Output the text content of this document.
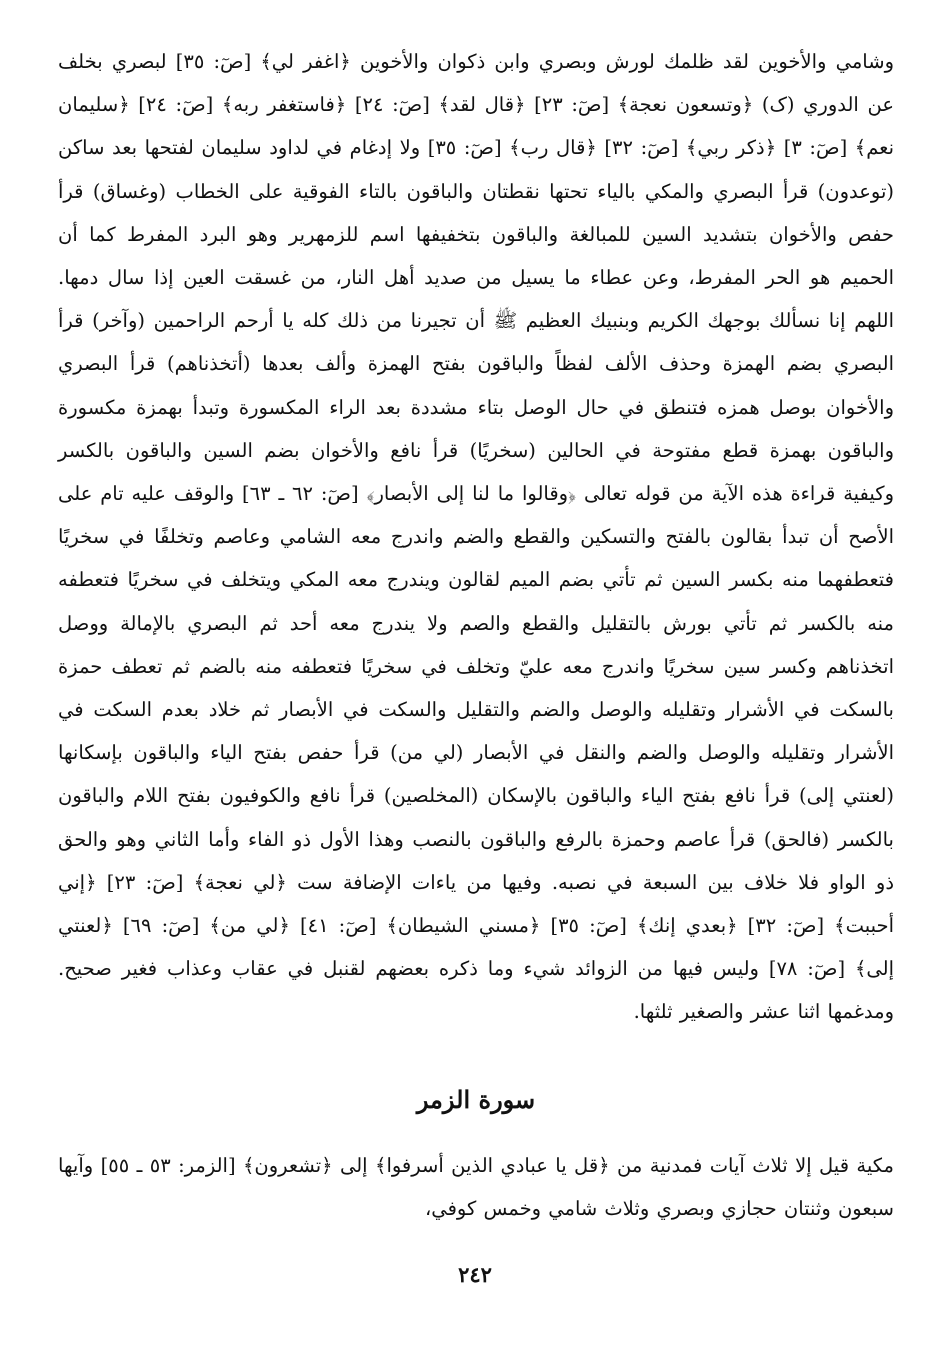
وشامي والأخوين لقد ظلمك لورش وبصري وابن ذكوان والأخوين ﴿اغفر لي﴾ [صٓ: ٣٥] لبصري بخلف عن الدوري (ک) ﴿وتسعون نعجة﴾ [صٓ: ٢٣] ﴿قال لقد﴾ [صٓ: ٢٤] ﴿فاستغفر ربه﴾ [صٓ: ٢٤] ﴿سليمان نعم﴾ [صٓ: ٣] ﴿ذكر ربي﴾ [صٓ: ٣٢] ﴿قال رب﴾ [صٓ: ٣٥] ولا إدغام في لداود سليمان لفتحها بعد ساكن (توعدون) قرأ البصري والمكي بالياء تحتها نقطتان والباقون بالتاء الفوقية على الخطاب (وغساق) قرأ حفص والأخوان بتشديد السين للمبالغة والباقون بتخفيفها اسم للزمهرير وهو البرد المفرط كما أن الحميم هو الحر المفرط، وعن عطاء ما يسيل من صديد أهل النار، من غسقت العين إذا سال دمها. اللهم إنا نسألك بوجهك الكريم وبنبيك العظيم ﷺ أن تجيرنا من ذلك كله يا أرحم الراحمين (وآخر) قرأ البصري بضم الهمزة وحذف الألف لفظاً والباقون بفتح الهمزة وألف بعدها (أتخذناهم) قرأ البصري والأخوان بوصل همزه فتنطق في حال الوصل بتاء مشددة بعد الراء المكسورة وتبدأ بهمزة مكسورة والباقون بهمزة قطع مفتوحة في الحالين (سخريًا) قرأ نافع والأخوان بضم السين والباقون بالكسر وكيفية قراءة هذه الآية من قوله تعالى ﴿وقالوا ما لنا إلى الأبصار﴾ [صٓ: ٦٢ ـ ٦٣] والوقف عليه تام على الأصح أن تبدأ بقالون بالفتح والتسكين والقطع والضم واندرج معه الشامي وعاصم وتخلفًا في سخريًا فتعطفهما منه بكسر السين ثم تأتي بضم الميم لقالون ويندرج معه المكي ويتخلف في سخريًا فتعطفه منه بالكسر ثم تأتي بورش بالتقليل والقطع والصم ولا يندرج معه أحد ثم البصري بالإمالة ووصل اتخذناهم وكسر سين سخريًا واندرج معه عليّ وتخلف في سخريًا فتعطفه منه بالضم ثم تعطف حمزة بالسكت في الأشرار وتقليله والوصل والضم والتقليل والسكت في الأبصار ثم خلاد بعدم السكت في الأشرار وتقليله والوصل والضم والنقل في الأبصار (لي من) قرأ حفص بفتح الياء والباقون بإسكانها (لعنتي إلى) قرأ نافع بفتح الياء والباقون بالإسكان (المخلصين) قرأ نافع والكوفيون بفتح اللام والباقون بالكسر (فالحق) قرأ عاصم وحمزة بالرفع والباقون بالنصب وهذا الأول ذو الفاء وأما الثاني وهو والحق ذو الواو فلا خلاف بين السبعة في نصبه. وفيها من ياءات الإضافة ست ﴿لي نعجة﴾ [صٓ: ٢٣] ﴿إني أحببت﴾ [صٓ: ٣٢] ﴿بعدي إنك﴾ [صٓ: ٣٥] ﴿مسني الشيطان﴾ [صٓ: ٤١] ﴿لي من﴾ [صٓ: ٦٩] ﴿لعنتي إلى﴾ [صٓ: ٧٨] وليس فيها من الزوائد شيء وما ذكره بعضهم لقنبل في عقاب وعذاب فغير صحيح. ومدغمها اثنا عشر والصغير ثلثها.

سورة الزمر

مكية قيل إلا ثلاث آيات فمدنية من ﴿قل يا عبادي الذين أسرفوا﴾ إلى ﴿تشعرون﴾ [الزمر: ٥٣ ـ ٥٥] وآيها سبعون وثنتان حجازي وبصري وثلاث شامي وخمس كوفي،

٢٤٢
